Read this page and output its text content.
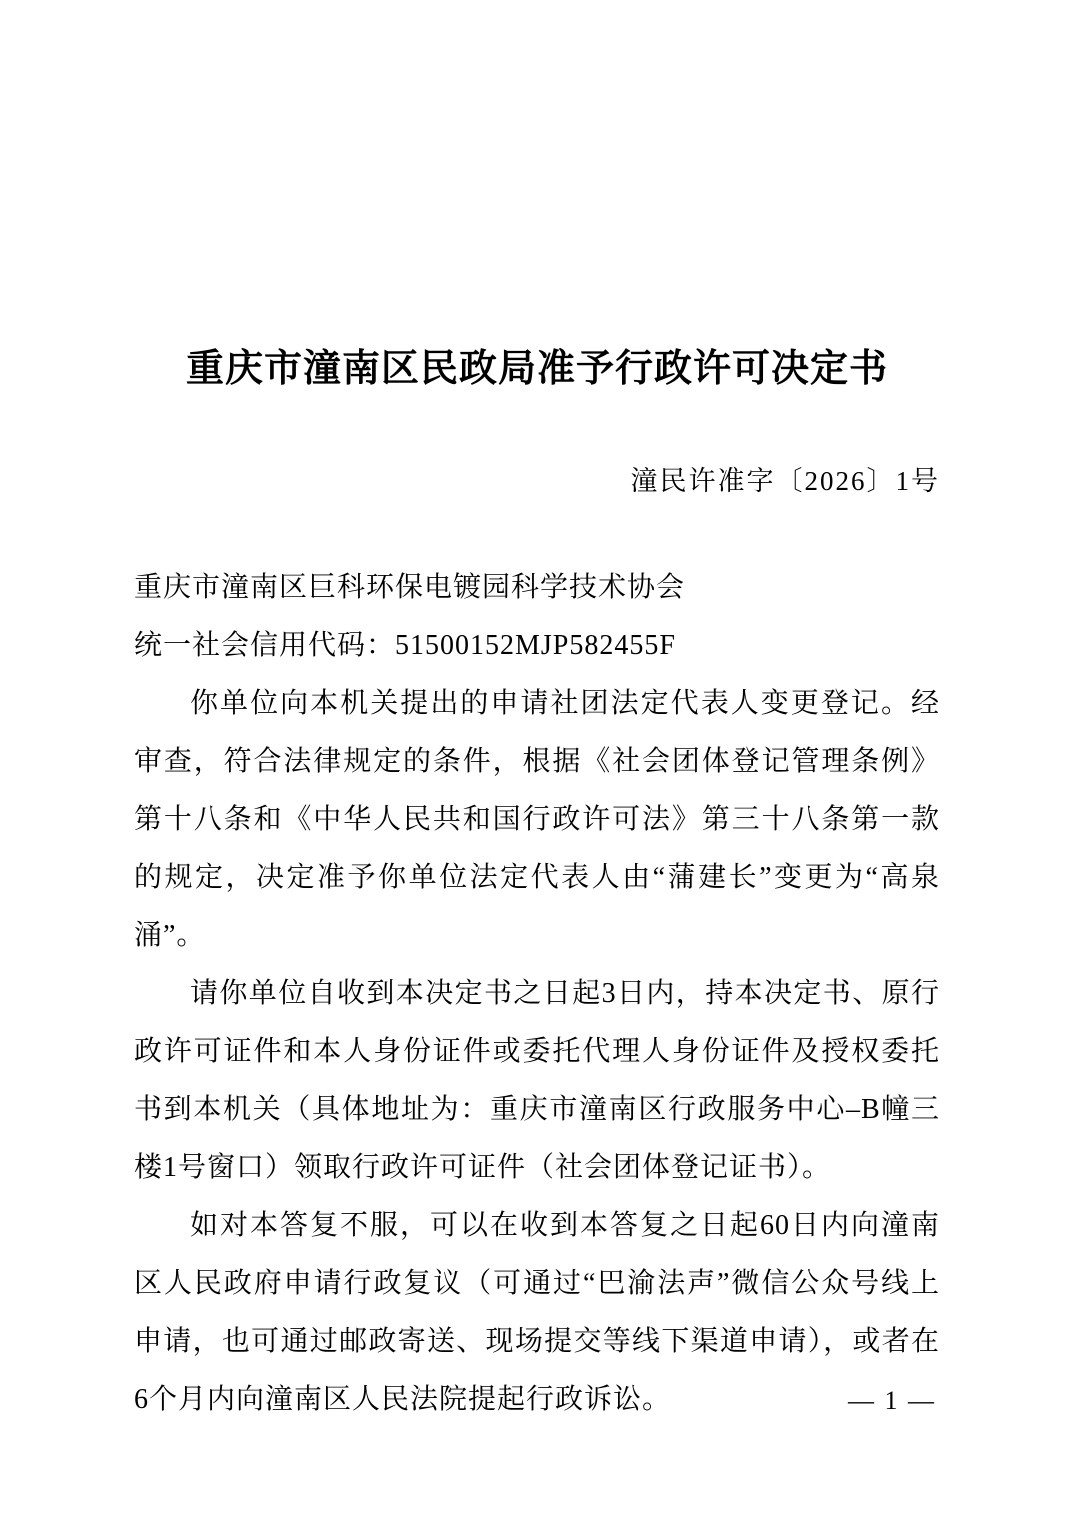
重庆市潼南区民政局准予行政许可决定书
潼民许准字〔2026〕1号

重庆市潼南区巨科环保电镀园科学技术协会

统一社会信用代码：51500152MJP582455F

你单位向本机关提出的申请社团法定代表人变更登记。经审查，符合法律规定的条件，根据《社会团体登记管理条例》第十八条和《中华人民共和国行政许可法》第三十八条第一款的规定，决定准予你单位法定代表人由“蒲建长”变更为“高泉涌”。

请你单位自收到本决定书之日起3日内，持本决定书、原行政许可证件和本人身份证件或委托代理人身份证件及授权委托书到本机关（具体地址为：重庆市潼南区行政服务中心–B幢三楼1号窗口）领取行政许可证件（社会团体登记证书）。

如对本答复不服，可以在收到本答复之日起60日内向潼南区人民政府申请行政复议（可通过“巴渝法声”微信公众号线上申请，也可通过邮政寄送、现场提交等线下渠道申请），或者在6个月内向潼南区人民法院提起行政诉讼。	— 1 —
